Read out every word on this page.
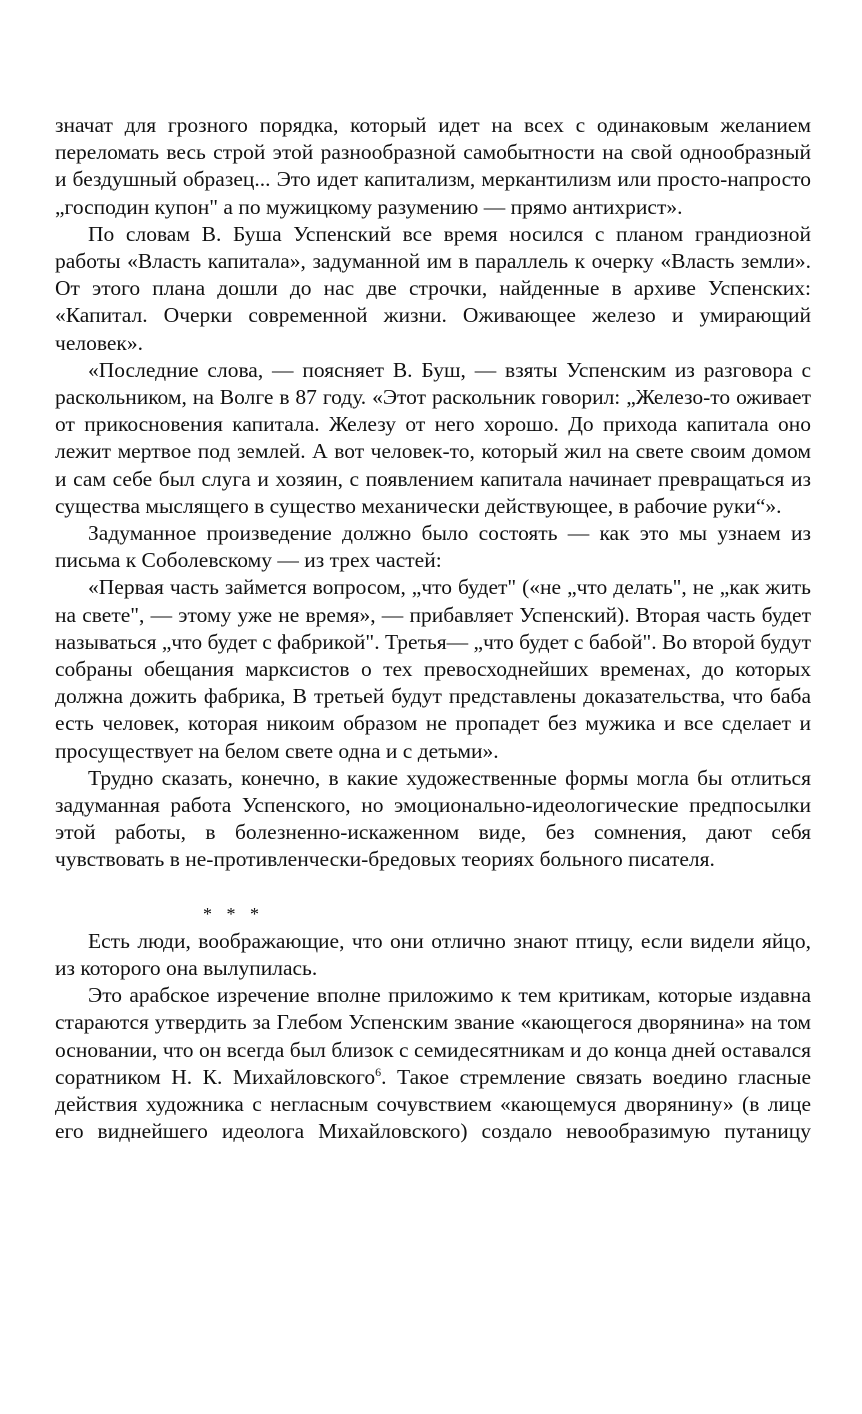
значат для грозного порядка, который идет на всех с одинаковым желанием переломать весь строй этой разнообразной самобытности на свой однообразный и бездушный образец... Это идет капитализм, меркантилизм или просто-напросто „господин купон" а по мужицкому разумению — прямо антихрист».

По словам В. Буша Успенский все время носился с планом грандиозной работы «Власть капитала», задуманной им в параллель к очерку «Власть земли». От этого плана дошли до нас две строчки, найденные в архиве Успенских: «Капитал. Очерки современной жизни. Оживающее железо и умирающий человек».

«Последние слова, — поясняет В. Буш, — взяты Успенским из разговора с раскольником, на Волге в 87 году. «Этот раскольник говорил: „Железо-то оживает от прикосновения капитала. Железу от него хорошо. До прихода капитала оно лежит мертвое под землей. А вот человек-то, который жил на свете своим домом и сам себе был слуга и хозяин, с появлением капитала начинает превращаться из существа мыслящего в существо механически действующее, в рабочие руки“».

Задуманное произведение должно было состоять — как это мы узнаем из письма к Соболевскому — из трех частей:

«Первая часть займется вопросом, „что будет" («не „что делать", не „как жить на свете", — этому уже не время», — прибавляет Успенский). Вторая часть будет называться „что будет с фабрикой". Третья— „что будет с бабой". Во второй будут собраны обещания марксистов о тех превосходнейших временах, до которых должна дожить фабрика, В третьей будут представлены доказательства, что баба есть человек, которая никоим образом не пропадет без мужика и все сделает и просуществует на белом свете одна и с детьми».

Трудно сказать, конечно, в какие художественные формы могла бы отлиться задуманная работа Успенского, но эмоционально-идеологические предпосылки этой работы, в болезненно-искаженном виде, без сомнения, дают себя чувствовать в не-противленчески-бредовых теориях больного писателя.

* * *

Есть люди, воображающие, что они отлично знают птицу, если видели яйцо, из которого она вылупилась.

Это арабское изречение вполне приложимо к тем критикам, которые издавна стараются утвердить за Глебом Успенским звание «кающегося дворянина» на том основании, что он всегда был близок с семидесятникам и до конца дней оставался соратником Н. К. Михайловского$^6$. Такое стремление связать воедино гласные действия художника с негласным сочувствием «кающемуся дворянину» (в лице его виднейшего идеолога Михайловского) создало невообразимую путаницу
